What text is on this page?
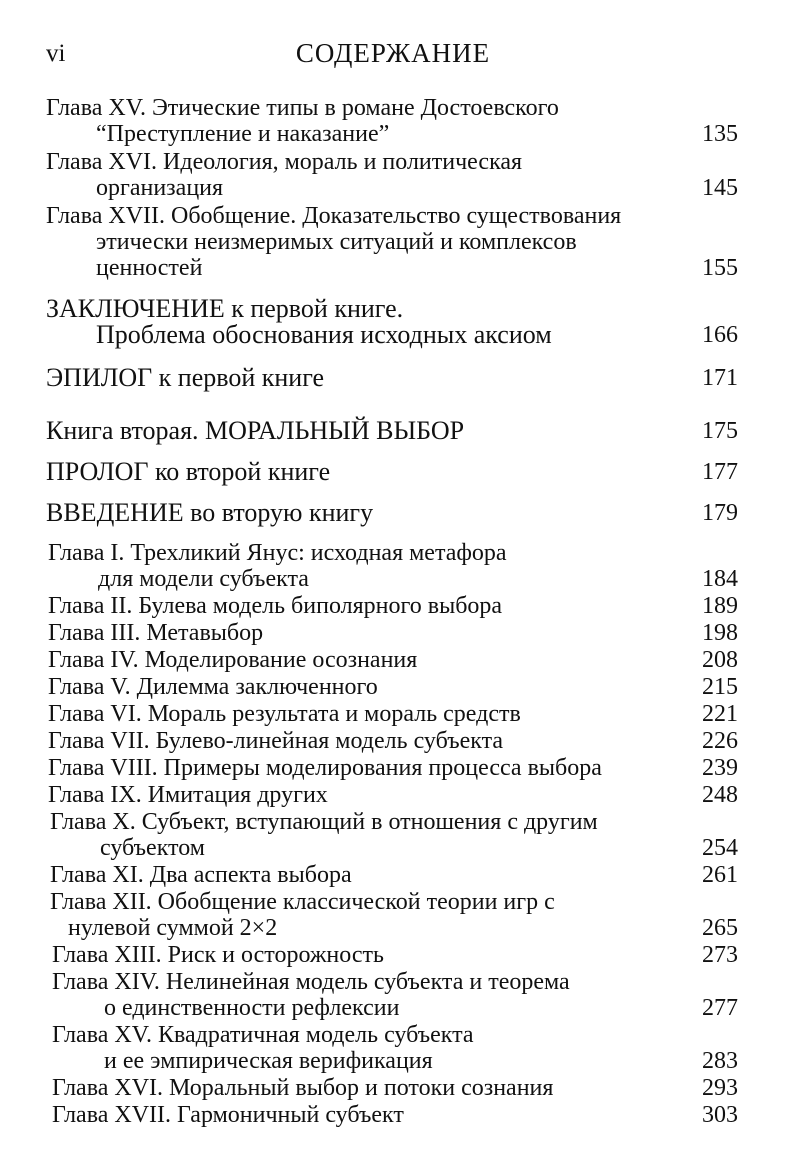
vi	СОДЕРЖАНИЕ
Глава XV. Этические типы в романе Достоевского
“Преступление и наказание”	135
Глава XVI. Идеология, мораль и политическая
организация	145
Глава XVII. Обобщение. Доказательство существования
этически неизмеримых ситуаций и комплексов
ценностей	155
ЗАКЛЮЧЕНИЕ к первой книге.
Проблема обоснования исходных аксиом	166
ЭПИЛОГ к первой книге	171
Книга вторая. МОРАЛЬНЫЙ ВЫБОР	175
ПРОЛОГ ко второй книге	177
ВВЕДЕНИЕ во вторую книгу	179
Глава I. Трехликий Янус: исходная метафора
для модели субъекта	184
Глава II. Булева модель биполярного выбора	189
Глава III. Метавыбор	198
Глава IV. Моделирование осознания	208
Глава V. Дилемма заключенного	215
Глава VI. Мораль результата и мораль средств	221
Глава VII. Булево-линейная модель субъекта	226
Глава VIII. Примеры моделирования процесса выбора	239
Глава IX. Имитация других	248
Глава X. Субъект, вступающий в отношения с другим
субъектом	254
Глава XI. Два аспекта выбора	261
Глава XII. Обобщение классической теории игр с
нулевой суммой 2×2	265
Глава XIII. Риск и осторожность	273
Глава XIV. Нелинейная модель субъекта и теорема
о единственности рефлексии	277
Глава XV. Квадратичная модель субъекта
и ее эмпирическая верификация	283
Глава XVI. Моральный выбор и потоки сознания	293
Глава XVII. Гармоничный субъект	303
